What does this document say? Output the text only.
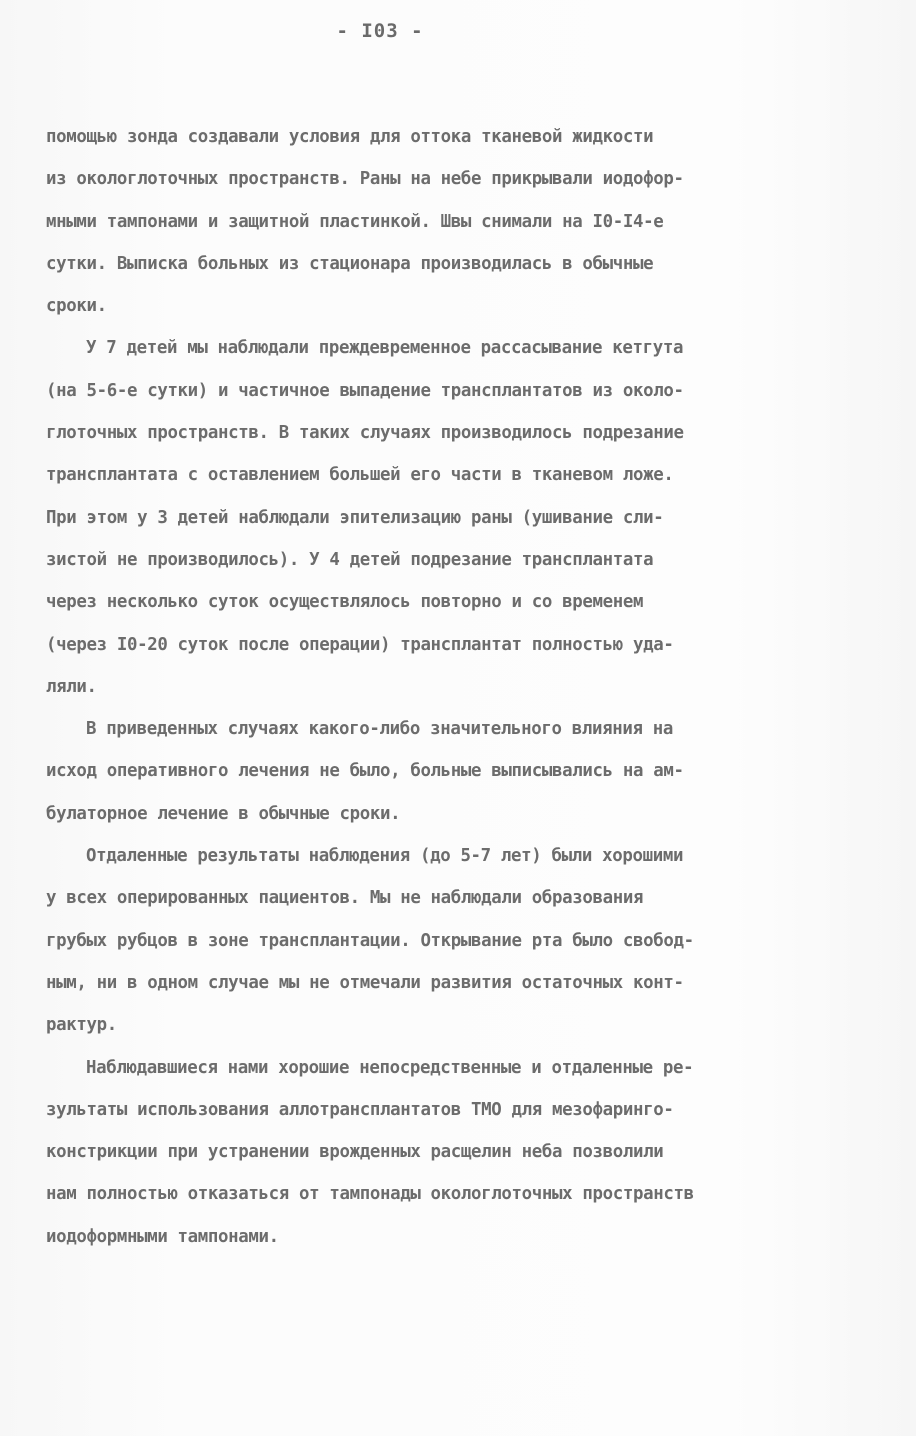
- I03 -
помощью зонда создавали условия для оттока тканевой жидкости
из окологлоточных пространств. Раны на небе прикрывали иодофор-
мными тампонами и защитной пластинкой. Швы снимали на I0-I4-е
сутки. Выписка больных из стационара производилась в обычные
сроки.
У 7 детей мы наблюдали преждевременное рассасывание кетгута
(на 5-6-е сутки) и частичное выпадение трансплантатов из около-
глоточных пространств. В таких случаях производилось подрезание
трансплантата с оставлением большей его части в тканевом ложе.
При этом у 3 детей наблюдали эпителизацию раны (ушивание сли-
зистой не производилось). У 4 детей подрезание трансплантата
через несколько суток осуществлялось повторно и со временем
(через I0-20 суток после операции) трансплантат полностью уда-
ляли.
В приведенных случаях какого-либо значительного влияния на
исход оперативного лечения не было, больные выписывались на ам-
булаторное лечение в обычные сроки.
Отдаленные результаты наблюдения (до 5-7 лет) были хорошими
у всех оперированных пациентов. Мы не наблюдали образования
грубых рубцов в зоне трансплантации. Открывание рта было свобод-
ным, ни в одном случае мы не отмечали развития остаточных конт-
рактур.
Наблюдавшиеся нами хорошие непосредственные и отдаленные ре-
зультаты использования аллотрансплантатов ТМО для мезофаринго-
констрикции при устранении врожденных расщелин неба позволили
нам полностью отказаться от тампонады окологлоточных пространств
иодоформными тампонами.
